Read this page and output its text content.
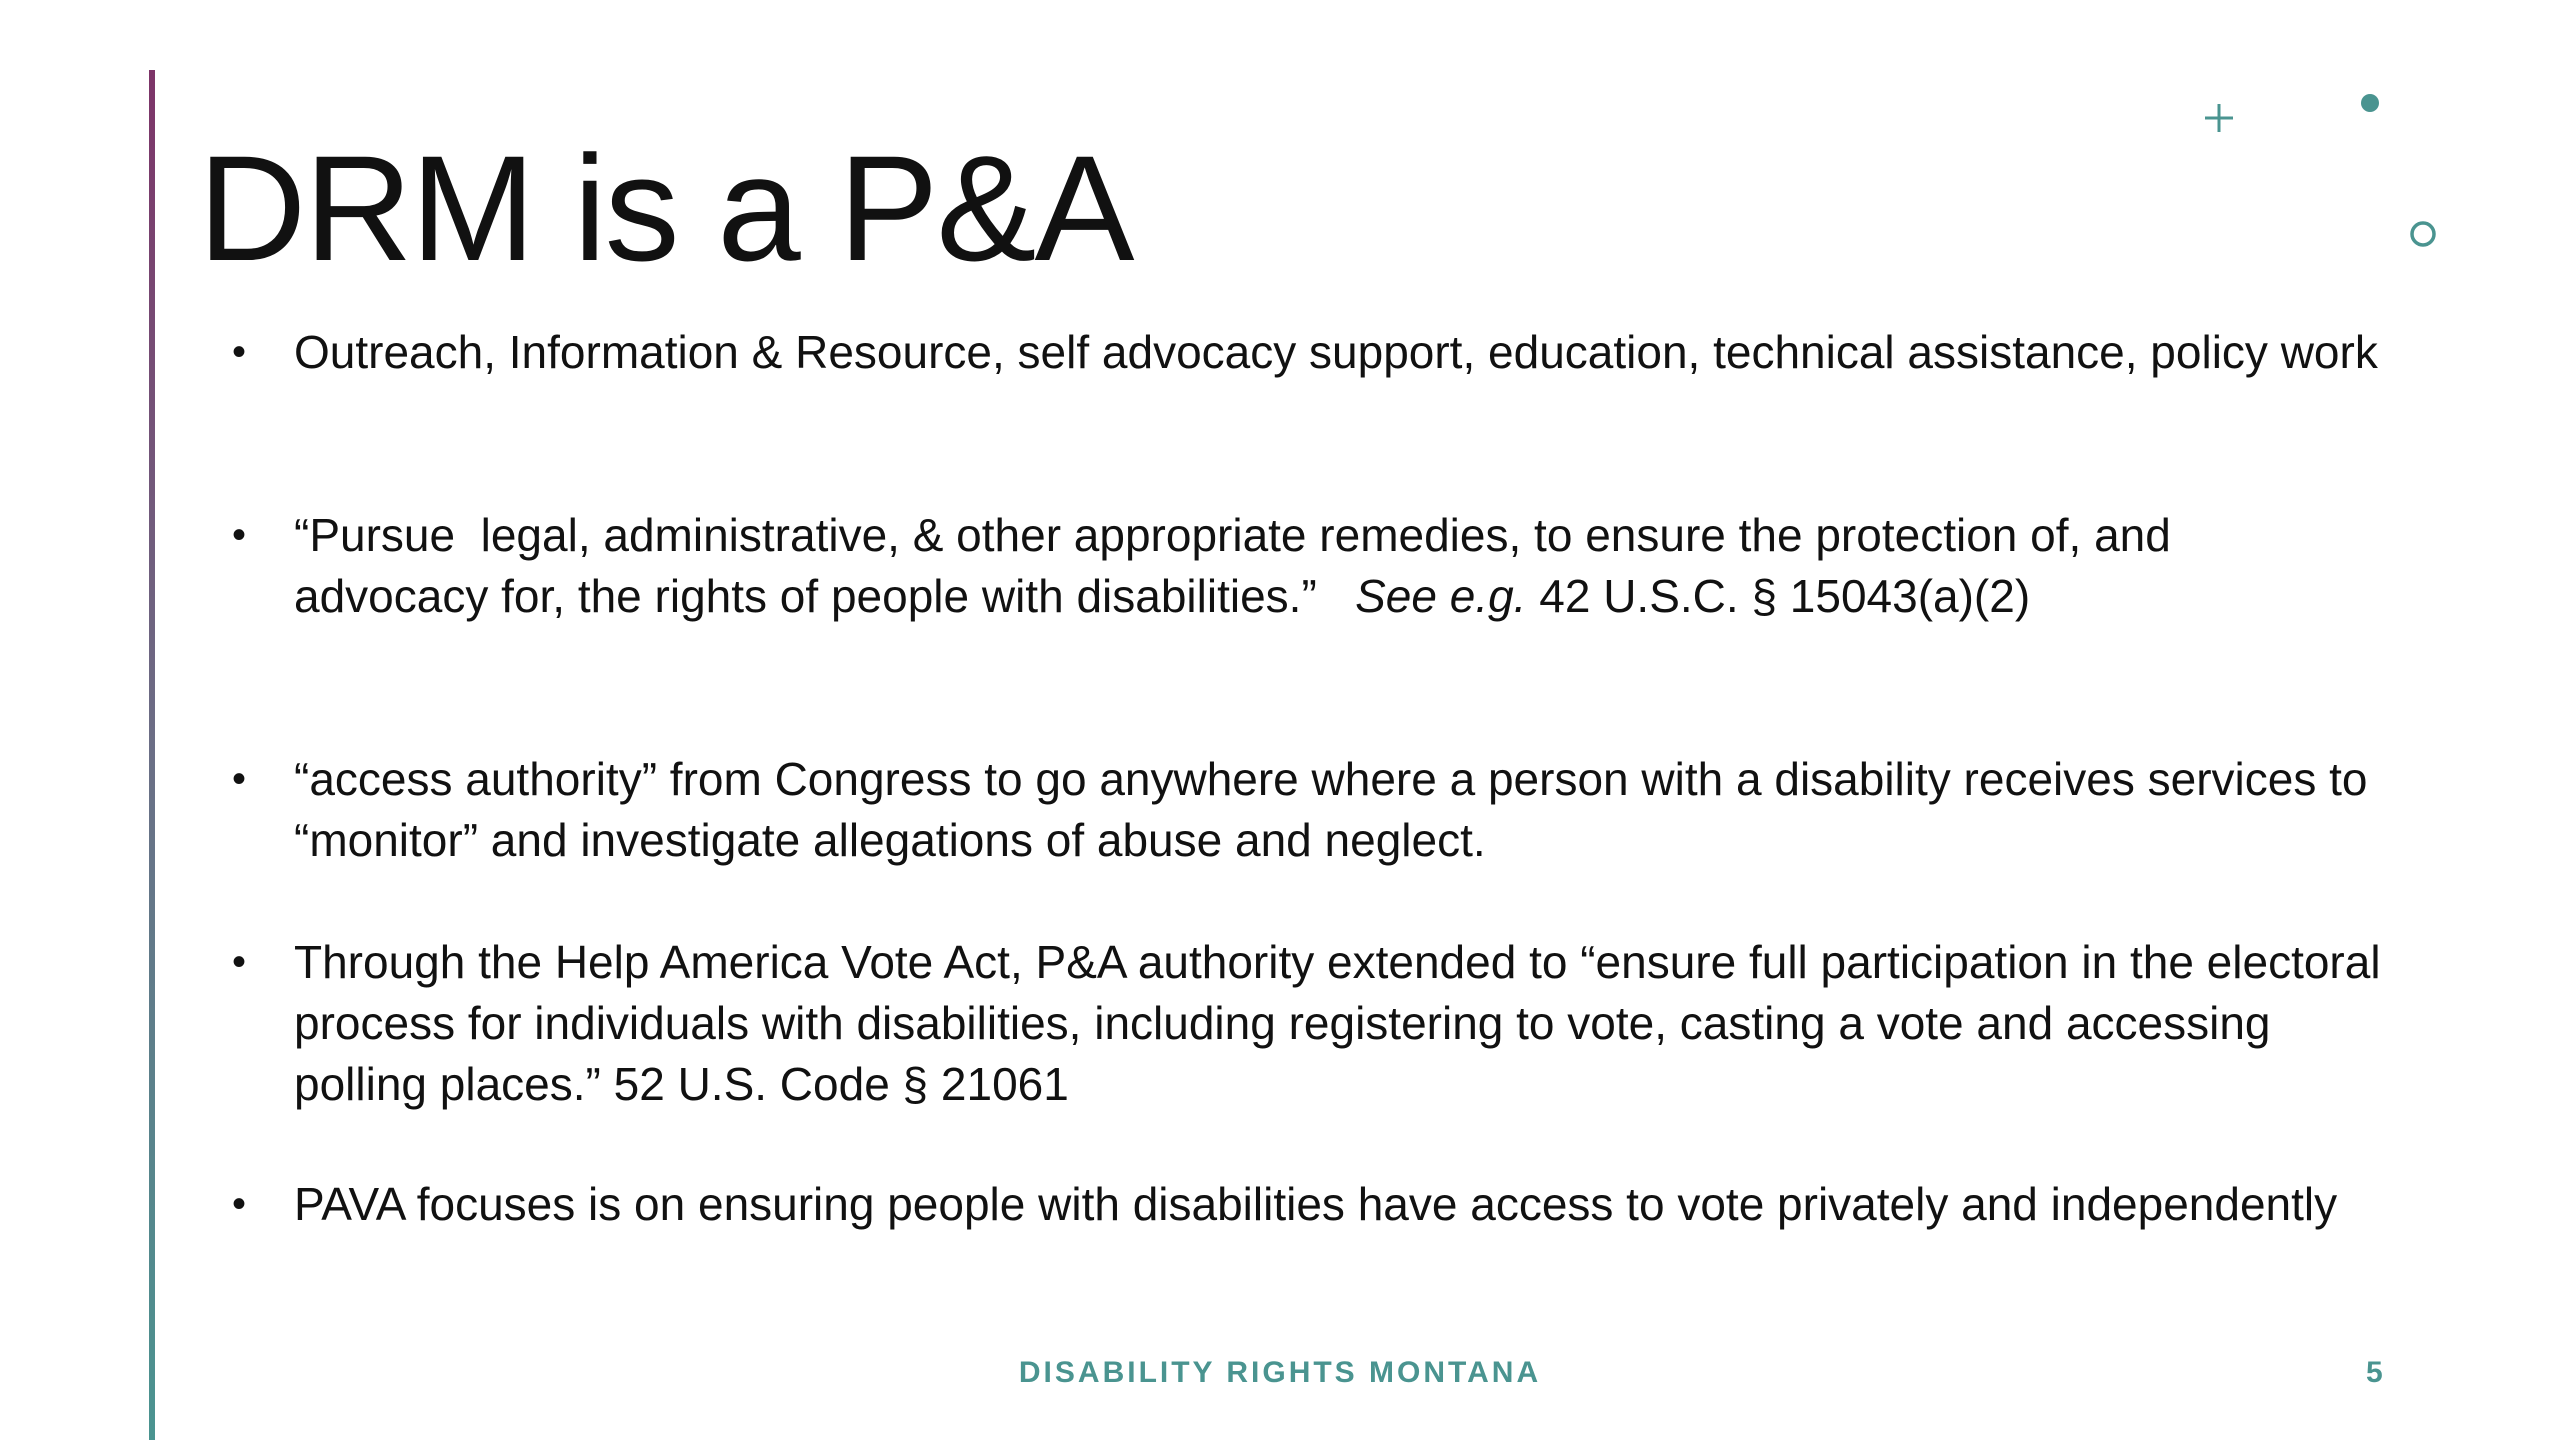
DRM is a P&A
• Outreach, Information & Resource, self advocacy support, education, technical assistance, policy work
• “Pursue  legal, administrative, & other appropriate remedies, to ensure the protection of, and advocacy for, the rights of people with disabilities.”   See e.g. 42 U.S.C. § 15043(a)(2)
• “access authority” from Congress to go anywhere where a person with a disability receives services to “monitor” and investigate allegations of abuse and neglect.
• Through the Help America Vote Act, P&A authority extended to “ensure full participation in the electoral process for individuals with disabilities, including registering to vote, casting a vote and accessing polling places.” 52 U.S. Code § 21061
• PAVA focuses is on ensuring people with disabilities have access to vote privately and independently
DISABILITY RIGHTS MONTANA	5
